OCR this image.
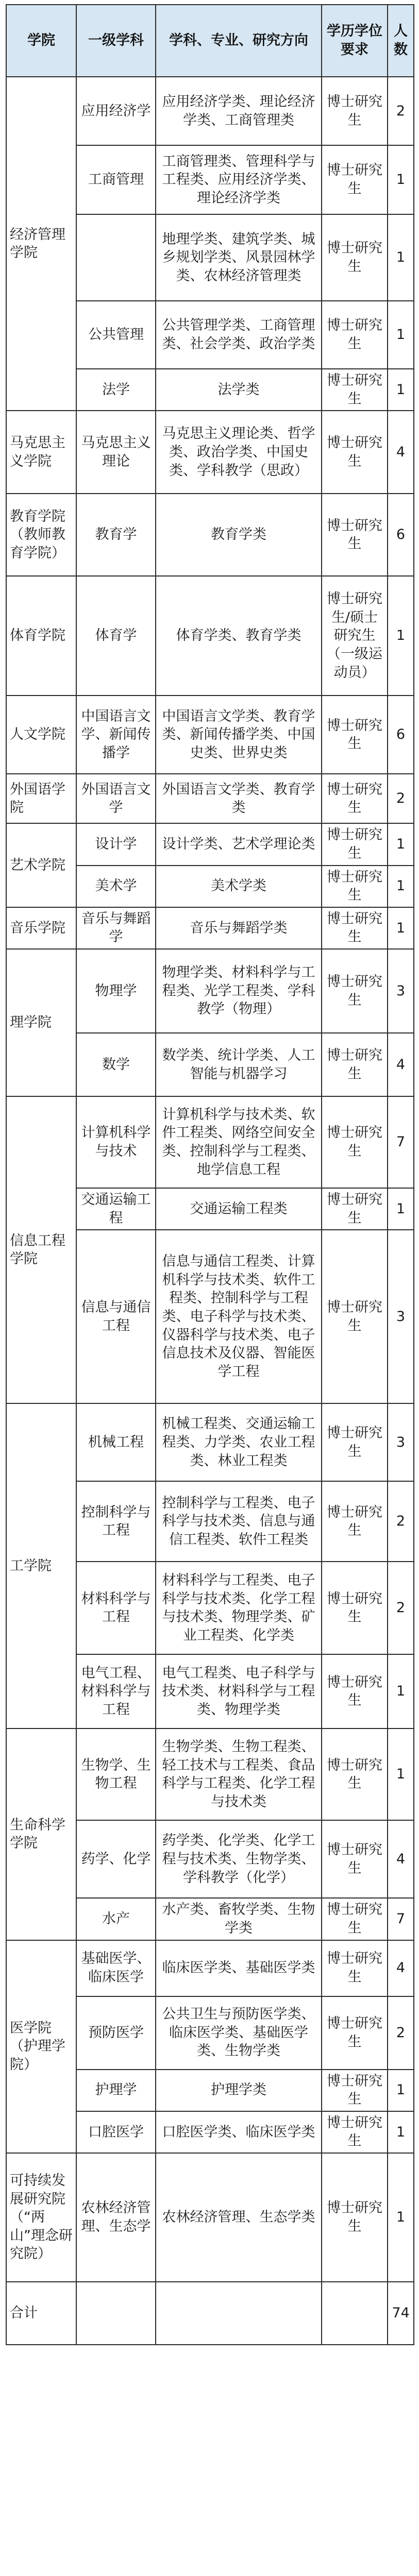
学院	一级学科	学科、专业、研究方向	学历学位要求	人数
经济管理学院	应用经济学	应用经济学类、理论经济学类、工商管理类	博士研究生	2
	工商管理	工商管理类、管理科学与工程类、应用经济学类、理论经济学类	博士研究生	1
		地理学类、建筑学类、城乡规划学类、风景园林学类、农林经济管理类	博士研究生	1
	公共管理	公共管理学类、工商管理类、社会学类、政治学类	博士研究生	1
	法学	法学类	博士研究生	1
马克思主义学院	马克思主义理论	马克思主义理论类、哲学类、政治学类、中国史类、学科教学（思政）	博士研究生	4
教育学院（教师教育学院）	教育学	教育学类	博士研究生	6
体育学院	体育学	体育学类、教育学类	博士研究生/硕士研究生（一级运动员）	1
人文学院	中国语言文学、新闻传播学	中国语言文学类、教育学类、新闻传播学类、中国史类、世界史类	博士研究生	6
外国语学院	外国语言文学	外国语言文学类、教育学类	博士研究生	2
艺术学院	设计学	设计学类、艺术学理论类	博士研究生	1
	美术学	美术学类	博士研究生	1
音乐学院	音乐与舞蹈学	音乐与舞蹈学类	博士研究生	1
理学院	物理学	物理学类、材料科学与工程类、光学工程类、学科教学（物理）	博士研究生	3
	数学	数学类、统计学类、人工智能与机器学习	博士研究生	4
信息工程学院	计算机科学与技术	计算机科学与技术类、软件工程类、网络空间安全类、控制科学与工程类、地学信息工程	博士研究生	7
	交通运输工程	交通运输工程类	博士研究生	1
	信息与通信工程	信息与通信工程类、计算机科学与技术类、软件工程类、控制科学与工程类、电子科学与技术类、仪器科学与技术类、电子信息技术及仪器、智能医学工程	博士研究生	3
工学院	机械工程	机械工程类、交通运输工程类、力学类、农业工程类、林业工程类	博士研究生	3
	控制科学与工程	控制科学与工程类、电子科学与技术类、信息与通信工程类、软件工程类	博士研究生	2
	材料科学与工程	材料科学与工程类、电子科学与技术类、化学工程与技术类、物理学类、矿业工程类、化学类	博士研究生	2
	电气工程、材料科学与工程	电气工程类、电子科学与技术类、材料科学与工程类、物理学类	博士研究生	1
生命科学学院	生物学、生物工程	生物学类、生物工程类、轻工技术与工程类、食品科学与工程类、化学工程与技术类	博士研究生	1
	药学、化学	药学类、化学类、化学工程与技术类、生物学类、学科教学（化学）	博士研究生	4
	水产	水产类、畜牧学类、生物学类	博士研究生	7
医学院（护理学院）	基础医学、临床医学	临床医学类、基础医学类	博士研究生	4
	预防医学	公共卫生与预防医学类、临床医学类、基础医学类、生物学类	博士研究生	2
	护理学	护理学类	博士研究生	1
	口腔医学	口腔医学类、临床医学类	博士研究生	1
可持续发展研究院（“两山”理念研究院）	农林经济管理、生态学	农林经济管理、生态学类	博士研究生	1
合计				74
